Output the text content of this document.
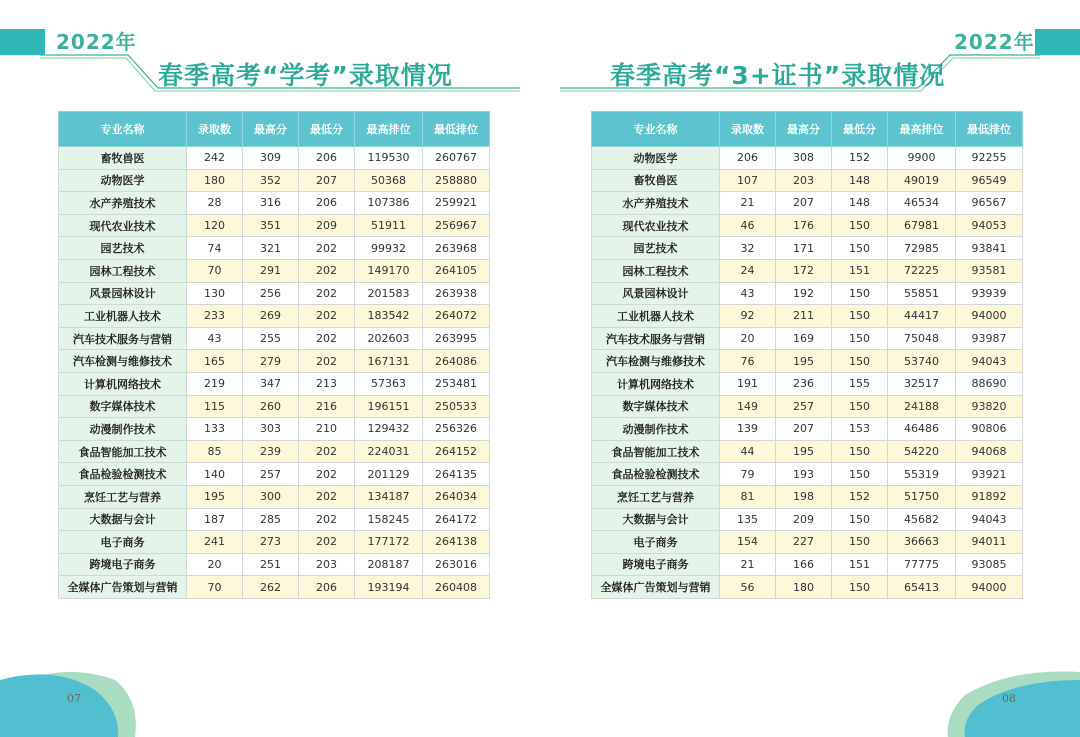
2022年	2022年
春季高考“学考”录取情况	春季高考“3+证书”录取情况
专业名称	录取数	最高分	最低分	最高排位	最低排位
畜牧兽医	242	309	206	119530	260767
动物医学	180	352	207	50368	258880
水产养殖技术	28	316	206	107386	259921
现代农业技术	120	351	209	51911	256967
园艺技术	74	321	202	99932	263968
园林工程技术	70	291	202	149170	264105
风景园林设计	130	256	202	201583	263938
工业机器人技术	233	269	202	183542	264072
汽车技术服务与营销	43	255	202	202603	263995
汽车检测与维修技术	165	279	202	167131	264086
计算机网络技术	219	347	213	57363	253481
数字媒体技术	115	260	216	196151	250533
动漫制作技术	133	303	210	129432	256326
食品智能加工技术	85	239	202	224031	264152
食品检验检测技术	140	257	202	201129	264135
烹饪工艺与营养	195	300	202	134187	264034
大数据与会计	187	285	202	158245	264172
电子商务	241	273	202	177172	264138
跨境电子商务	20	251	203	208187	263016
全媒体广告策划与营销	70	262	206	193194	260408
专业名称	录取数	最高分	最低分	最高排位	最低排位
动物医学	206	308	152	9900	92255
畜牧兽医	107	203	148	49019	96549
水产养殖技术	21	207	148	46534	96567
现代农业技术	46	176	150	67981	94053
园艺技术	32	171	150	72985	93841
园林工程技术	24	172	151	72225	93581
风景园林设计	43	192	150	55851	93939
工业机器人技术	92	211	150	44417	94000
汽车技术服务与营销	20	169	150	75048	93987
汽车检测与维修技术	76	195	150	53740	94043
计算机网络技术	191	236	155	32517	88690
数字媒体技术	149	257	150	24188	93820
动漫制作技术	139	207	153	46486	90806
食品智能加工技术	44	195	150	54220	94068
食品检验检测技术	79	193	150	55319	93921
烹饪工艺与营养	81	198	152	51750	91892
大数据与会计	135	209	150	45682	94043
电子商务	154	227	150	36663	94011
跨境电子商务	21	166	151	77775	93085
全媒体广告策划与营销	56	180	150	65413	94000
07	08
